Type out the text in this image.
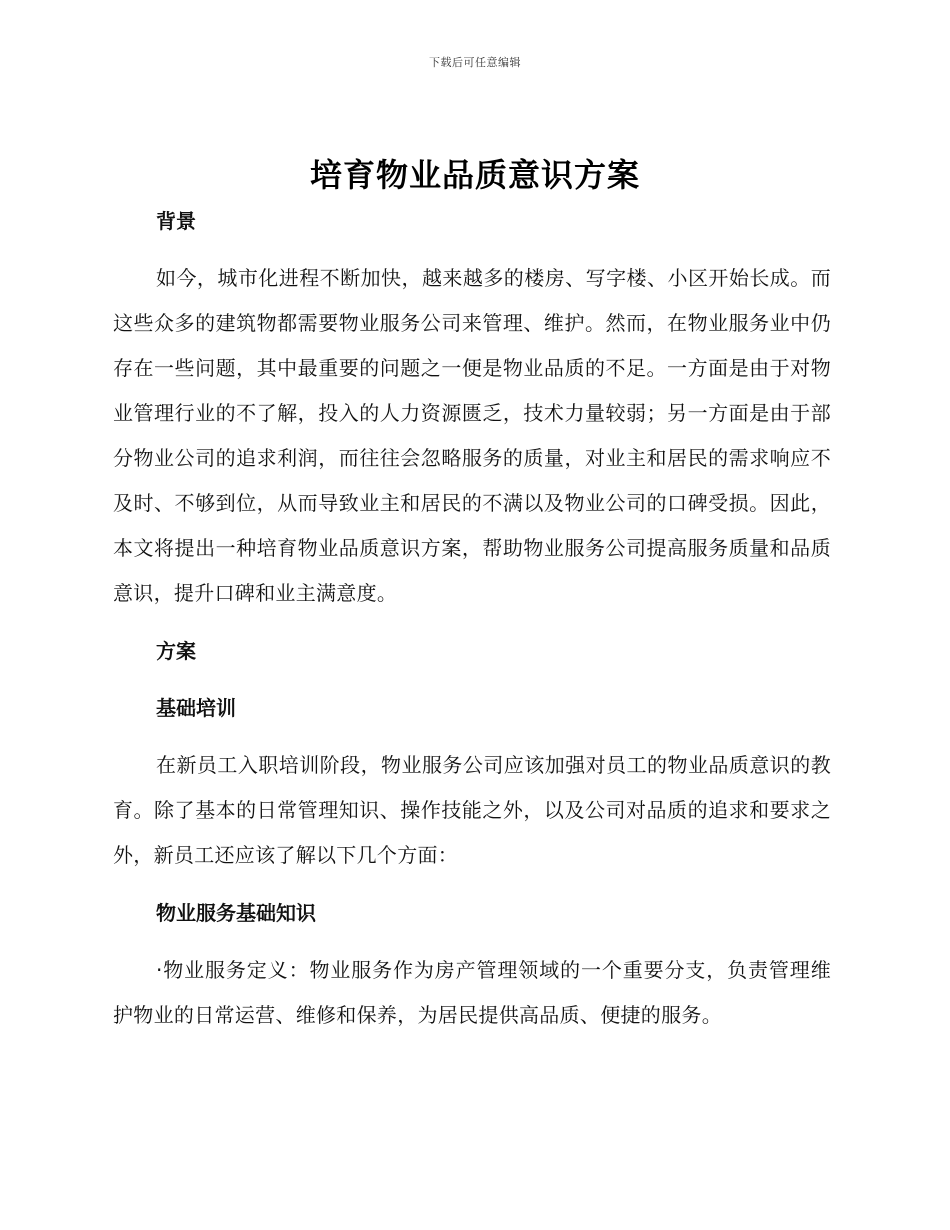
下载后可任意编辑
培育物业品质意识方案
背景

如今，城市化进程不断加快，越来越多的楼房、写字楼、小区开始长成。而这些众多的建筑物都需要物业服务公司来管理、维护。然而，在物业服务业中仍存在一些问题，其中最重要的问题之一便是物业品质的不足。一方面是由于对物业管理行业的不了解，投入的人力资源匮乏，技术力量较弱；另一方面是由于部分物业公司的追求利润，而往往会忽略服务的质量，对业主和居民的需求响应不及时、不够到位，从而导致业主和居民的不满以及物业公司的口碑受损。因此，本文将提出一种培育物业品质意识方案，帮助物业服务公司提高服务质量和品质意识，提升口碑和业主满意度。

方案
基础培训

在新员工入职培训阶段，物业服务公司应该加强对员工的物业品质意识的教育。除了基本的日常管理知识、操作技能之外，以及公司对品质的追求和要求之外，新员工还应该了解以下几个方面：

物业服务基础知识

·物业服务定义：物业服务作为房产管理领域的一个重要分支，负责管理维护物业的日常运营、维修和保养，为居民提供高品质、便捷的服务。
